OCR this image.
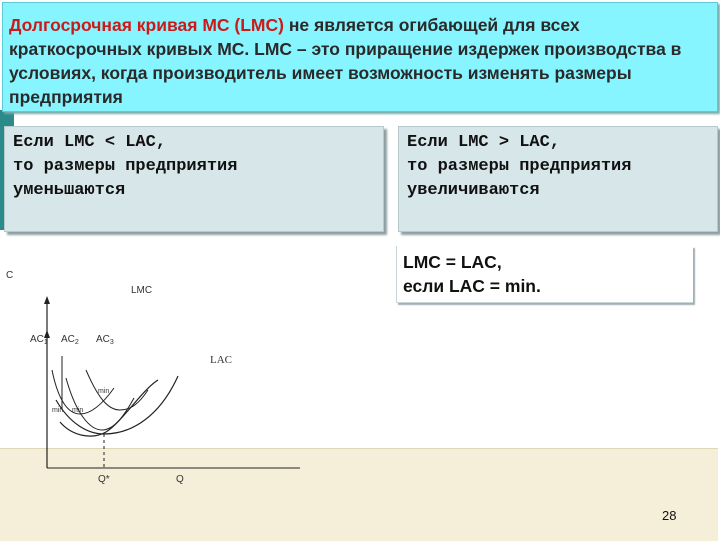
Долгосрочная кривая МС (LMC) не является огибающей для всех краткосрочных кривых МС. LMC – это приращение издержек производства в условиях, когда производитель имеет возможность изменять размеры предприятия

Если LMC < LAC,
то размеры предприятия
уменьшаются

Если LMC > LAC,
то размеры предприятия
увеличиваются

LMC = LAC,
если LAC = min.

C
LMC
$AC_1$ $AC_2$ $AC_3$
LAC
min
min min
Q*	Q
28
